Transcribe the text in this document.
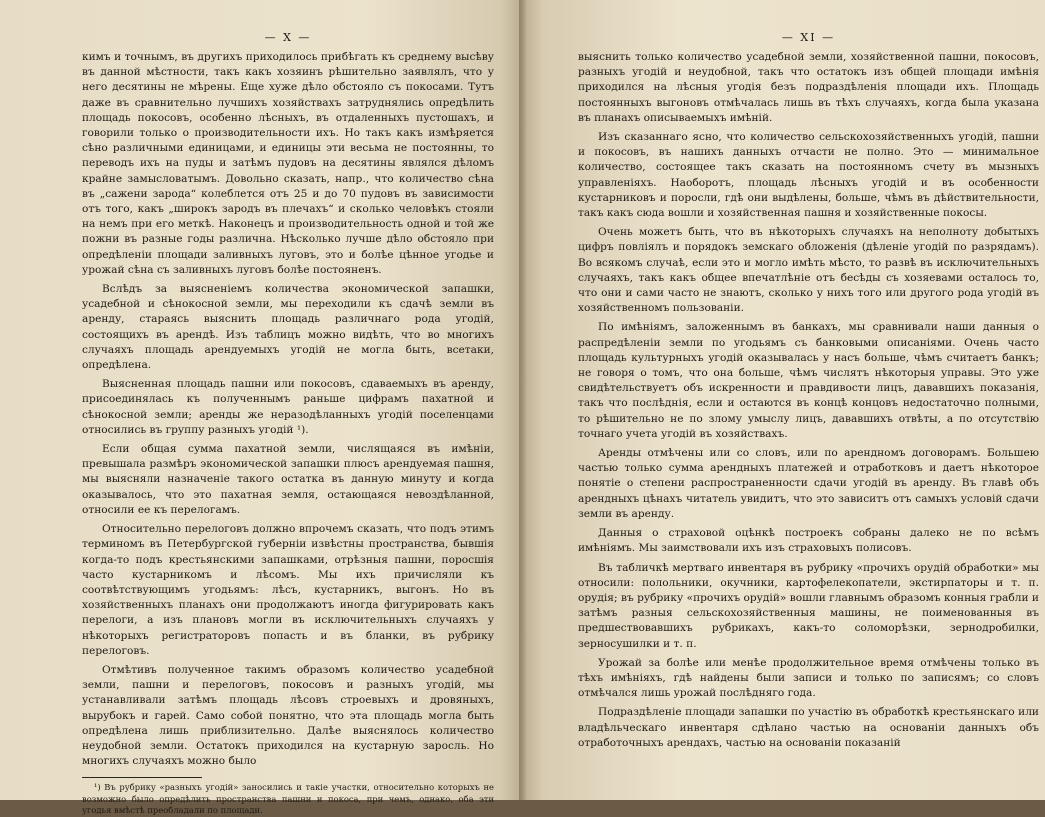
— X —

кимъ и точнымъ, въ другихъ приходилось прибѣгать къ среднему высѣву въ данной мѣстности, такъ какъ хозяинъ рѣшительно заявлялъ, что у него десятины не мѣрены. Еще хуже дѣло обстояло съ покосами. Тутъ даже въ сравнительно лучшихъ хозяйствахъ затруднялись опредѣлить площадь покосовъ, особенно лѣсныхъ, въ отдаленныхъ пустошахъ, и говорили только о производительности ихъ. Но такъ какъ измѣряется сѣно различными единицами, и единицы эти весьма не постоянны, то переводъ ихъ на пуды и затѣмъ пудовъ на десятины являлся дѣломъ крайне замысловатымъ. Довольно сказать, напр., что количество сѣна въ „сажени зарода“ колеблется отъ 25 и до 70 пудовъ въ зависимости отъ того, какъ „широкъ зародъ въ плечахъ“ и сколько человѣкъ стояли на немъ при его меткѣ. Наконецъ и производительность одной и той же пожни въ разные годы различна. Нѣсколько лучше дѣло обстояло при опредѣленіи площади заливныхъ луговъ, это и болѣе цѣнное угодье и урожай сѣна съ заливныхъ луговъ болѣе постояненъ.

Вслѣдъ за выясненіемъ количества экономической запашки, усадебной и сѣнокосной земли, мы переходили къ сдачѣ земли въ аренду, стараясь выяснить площадь различнаго рода угодій, состоящихъ въ арендѣ. Изъ таблицъ можно видѣть, что во многихъ случаяхъ площадь арендуемыхъ угодій не могла быть, всетаки, опредѣлена.

Выясненная площадь пашни или покосовъ, сдаваемыхъ въ аренду, присоединялась къ полученнымъ раньше цифрамъ пахатной и сѣнокосной земли; аренды же неразодѣланныхъ угодій поселенцами относились въ группу разныхъ угодій ¹).

Если общая сумма пахатной земли, числящаяся въ имѣніи, превышала размѣръ экономической запашки плюсъ арендуемая пашня, мы выясняли назначеніе такого остатка въ данную минуту и когда оказывалось, что это пахатная земля, остающаяся невоздѣланной, относили ее къ перелогамъ.

Относительно перелоговъ должно впрочемъ сказать, что подъ этимъ терминомъ въ Петербургской губерніи извѣстны пространства, бывшія когда-то подъ крестьянскими запашками, отрѣзныя пашни, поросшія часто кустарникомъ и лѣсомъ. Мы ихъ причисляли къ соотвѣтствующимъ угодьямъ: лѣсъ, кустарникъ, выгонъ. Но въ хозяйственныхъ планахъ они продолжаютъ иногда фигурировать какъ перелоги, а изъ плановъ могли въ исключительныхъ случаяхъ у нѣкоторыхъ регистраторовъ попасть и въ бланки, въ рубрику перелоговъ.

Отмѣтивъ полученное такимъ образомъ количество усадебной земли, пашни и перелоговъ, покосовъ и разныхъ угодій, мы устанавливали затѣмъ площадь лѣсовъ строевыхъ и дровяныхъ, вырубокъ и гарей. Само собой понятно, что эта площадь могла быть опредѣлена лишь приблизительно. Далѣе выяснялось количество неудобной земли. Остатокъ приходился на кустарную заросль. Но многихъ случаяхъ можно было

¹) Въ рубрику «разныхъ угодій» заносились и такіе участки, относительно которыхъ не возможно было опредѣлить пространства пашни и покоса, при чемъ, однако, оба эти угодья вмѣстѣ преобладали по площади.

— XI —

выяснить только количество усадебной земли, хозяйственной пашни, покосовъ, разныхъ угодій и неудобной, такъ что остатокъ изъ общей площади имѣнія приходился на лѣсныя угодія безъ подраздѣленія площади ихъ. Площадь постоянныхъ выгоновъ отмѣчалась лишь въ тѣхъ случаяхъ, когда была указана въ планахъ описываемыхъ имѣній.

Изъ сказаннаго ясно, что количество сельскохозяйственныхъ угодій, пашни и покосовъ, въ нашихъ данныхъ отчасти не полно. Это — минимальное количество, состоящее такъ сказать на постоянномъ счету въ мызныхъ управленіяхъ. Наоборотъ, площадь лѣсныхъ угодій и въ особенности кустарниковъ и поросли, гдѣ они выдѣлены, больше, чѣмъ въ дѣйствительности, такъ какъ сюда вошли и хозяйственная пашня и хозяйственные покосы.

Очень можетъ быть, что въ нѣкоторыхъ случаяхъ на неполноту добытыхъ цифръ повліялъ и порядокъ земскаго обложенія (дѣленіе угодій по разрядамъ). Во всякомъ случаѣ, если это и могло имѣть мѣсто, то развѣ въ исключительныхъ случаяхъ, такъ какъ общее впечатлѣніе отъ бесѣды съ хозяевами осталось то, что они и сами часто не знаютъ, сколько у нихъ того или другого рода угодій въ хозяйственномъ пользованіи.

По имѣніямъ, заложеннымъ въ банкахъ, мы сравнивали наши данныя о распредѣленіи земли по угодьямъ съ банковыми описаніями. Очень часто площадь культурныхъ угодій оказывалась у насъ больше, чѣмъ считаетъ банкъ; не говоря о томъ, что она больше, чѣмъ числятъ нѣкоторыя управы. Это уже свидѣтельствуетъ объ искренности и правдивости лицъ, дававшихъ показанія, такъ что послѣднія, если и остаются въ концѣ концовъ недостаточно полными, то рѣшительно не по злому умыслу лицъ, дававшихъ отвѣты, а по отсутствію точнаго учета угодій въ хозяйствахъ.

Аренды отмѣчены или со словъ, или по арендномъ договорамъ. Большею частью только сумма арендныхъ платежей и отработковъ и даетъ нѣкоторое понятіе о степени распространенности сдачи угодій въ аренду. Въ главѣ объ арендныхъ цѣнахъ читатель увидитъ, что это зависитъ отъ самыхъ условій сдачи земли въ аренду.

Данныя о страховой оцѣнкѣ построекъ собраны далеко не по всѣмъ имѣніямъ. Мы заимствовали ихъ изъ страховыхъ полисовъ.

Въ табличкѣ мертваго инвентаря въ рубрику «прочихъ орудій обработки» мы относили: полольники, окучники, картофелекопатели, экстирпаторы и т. п. орудія; въ рубрику «прочихъ орудій» вошли главнымъ образомъ конныя грабли и затѣмъ разныя сельскохозяйственныя машины, не поименованныя въ предшествовавшихъ рубрикахъ, какъ-то соломорѣзки, зернодробилки, зерносушилки и т. п.

Урожай за болѣе или менѣе продолжительное время отмѣчены только въ тѣхъ имѣніяхъ, гдѣ найдены были записи и только по записямъ; со словъ отмѣчался лишь урожай послѣдняго года.

Подраздѣленіе площади запашки по участію въ обработкѣ крестьянскаго или владѣльческаго инвентаря сдѣлано частью на основаніи данныхъ объ отработочныхъ арендахъ, частью на основаніи показаній
